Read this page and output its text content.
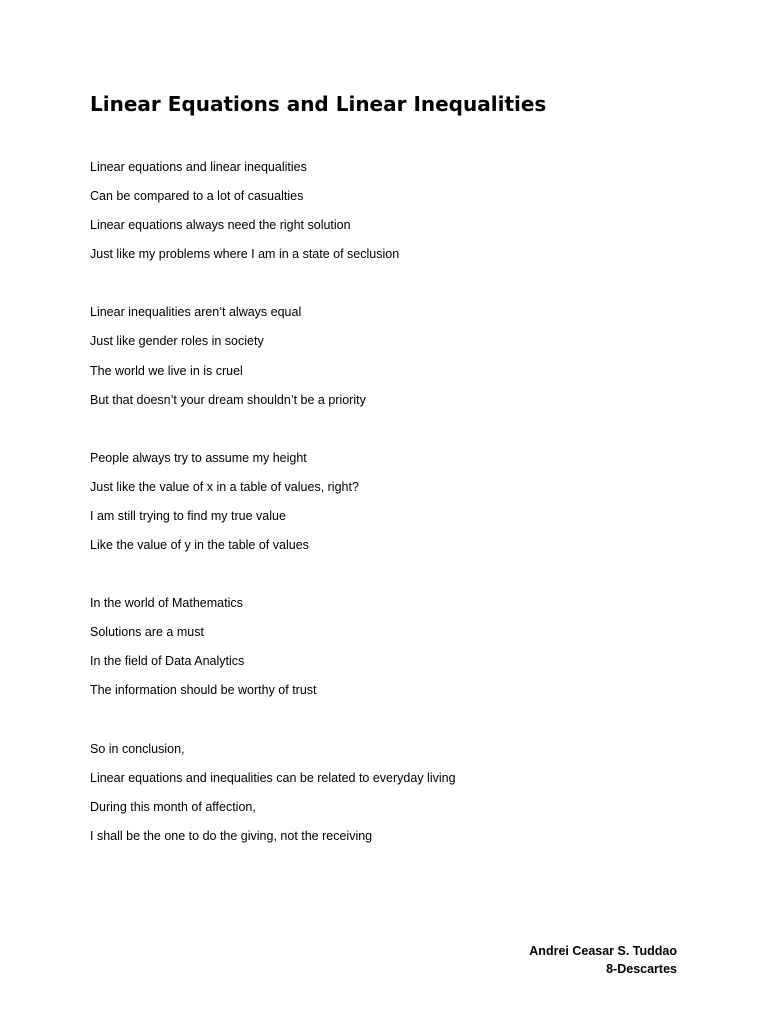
Linear Equations and Linear Inequalities
Linear equations and linear inequalities
Can be compared to a lot of casualties
Linear equations always need the right solution
Just like my problems where I am in a state of seclusion
Linear inequalities aren’t always equal
Just like gender roles in society
The world we live in is cruel
But that doesn’t your dream shouldn’t be a priority
People always try to assume my height
Just like the value of x in a table of values, right?
I am still trying to find my true value
Like the value of y in the table of values
In the world of Mathematics
Solutions are a must
In the field of Data Analytics
The information should be worthy of trust
So in conclusion,
Linear equations and inequalities can be related to everyday living
During this month of affection,
I shall be the one to do the giving, not the receiving
Andrei Ceasar S. Tuddao
8-Descartes
